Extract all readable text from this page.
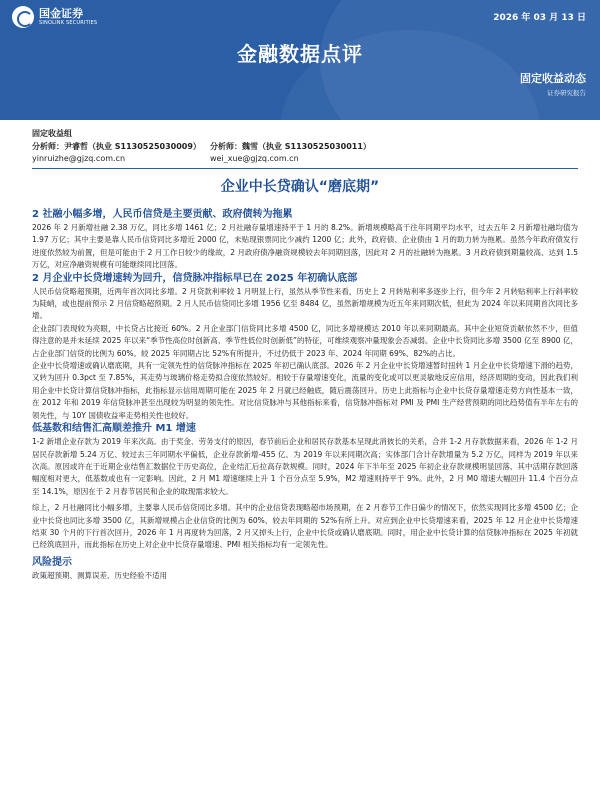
国金证券
SINOLINK SECURITIES	2026 年 03 月 13 日
金融数据点评
固定收益动态
证券研究报告
固定收益组
分析师：尹睿哲（执业 S1130525030009）
yinruizhe@gjzq.com.cn
分析师：魏雪（执业 S1130525030011）
wei_xue@gjzq.com.cn
企业中长贷确认“磨底期”
2 社融小幅多增，人民币信贷是主要贡献、政府债转为拖累

2026 年 2 月新增社融 2.38 万亿，同比多增 1461 亿；2 月社融存量增速持平于 1 月的 8.2%。新增规模略高于往年同期平均水平，过去五年 2 月新增社融均值为 1.97 万亿；其中主要是靠人民币信贷同比多增近 2000 亿，未贴现银票同比少减约 1200 亿；此外，政府债、企业债由 1 月的助力转为拖累。虽然今年政府债发行进度依然较为前置，但是可能由于 2 月工作日较少的缘故，2 月政府债净融资规模较去年同期回落，因此对 2 月的社融转为拖累。3 月政府债到期量较高、达到 1.5 万亿，对应净融资规模有可能继续同比回落。

2 月企业中长贷增速转为回升，信贷脉冲指标早已在 2025 年初确认底部

人民币信贷略超预期，近两年首次同比多增。2 月贷款利率较 1 月明显上行，虽然从季节性来看，历史上 2 月转贴利率多逐步上行，但今年 2 月转贴利率上行斜率较为陡峭，或也提前预示 2 月信贷略超预期。2 月人民币信贷同比多增 1956 亿至 8484 亿，虽然新增规模为近五年来同期次低，但此为 2024 年以来同期首次同比多增。

企业部门表现较为亮眼，中长贷占比接近 60%。2 月企业部门信贷同比多增 4500 亿，同比多增规模达 2010 年以来同期最高。其中企业短贷贡献依然不少，但值得注意的是并未延续 2025 年以来“季节性高位时创新高、季节性低位时创新低”的特征，可维续观察冲量现象会否减弱。企业中长贷同比多增 3500 亿至 8900 亿，占企业部门信贷的比例为 60%。较 2025 年同期占比 52%有所提升，不过仍低于 2023 年、2024 年同期 69%、82%的占比。

企业中长贷增速或确认磨底期，具有一定领先性的信贷脉冲指标在 2025 年初已确认底部。2026 年 2 月企业中长贷增速暂时扭转 1 月企业中长贷增速下滑的趋势，又转为回升 0.3pct 至 7.85%，其走势与玻璃价格走势拟合度依然较好。相较于存量增速变化，流量的变化或可以更灵敏地反应信用，经济周期的变动，因此我们利用企业中长贷计算信贷脉冲指标，此指标显示信用周期可能在 2025 年 2 月就已经触底，随后震荡回升。历史上此指标与企业中长贷存量增速走势方向性基本一致，在 2012 年和 2019 年信贷脉冲甚至出现较为明显的领先性。对比信贷脉冲与其他指标来看，信贷脉冲指标对 PMI 及 PMI 生产经营预期的同比趋势值有半年左右的领先性，与 10Y 国债收益率走势相关性也较好。

低基数和结售汇高顺差推升 M1 增速

1-2 新增企业存款为 2019 年来次高。由于奖金、劳务支付的原因，春节前后企业和居民存款基本呈现此消彼长的关系，合并 1-2 月存款数据来看，2026 年 1-2 月居民存款新增 5.24 万亿、较过去三年同期水平偏低，企业存款新增-455 亿、为 2019 年以来同期次高；实体部门合计存款增量为 5.2 万亿，同样为 2019 年以来次高。原因或许在于近期企业结售汇数据位于历史高位，企业结汇后拉高存款规模。同时，2024 年下半年至 2025 年初企业存款规模明显回落、其中活期存款回落幅度相对更大，低基数或也有一定影响。因此，2 月 M1 增速继续上升 1 个百分点至 5.9%，M2 增速则持平于 9%。此外，2 月 M0 增速大幅回升 11.4 个百分点至 14.1%，原因在于 2 月春节居民和企业的取现需求较大。

综上，2 月社融同比小幅多增，主要靠人民币信贷同比多增。其中的企业信贷表现略超市场预期，在 2 月春节工作日偏少的情况下，依然实现同比多增 4500 亿；企业中长贷也同比多增 3500 亿，其新增规模占企业信贷的比例为 60%、较去年同期的 52%有所上升。对应到企业中长贷增速来看，2025 年 12 月企业中长贷增速结束 30 个月的下行首次回升，2026 年 1 月再度转为回落，2 月又掉头上行，企业中长贷或确认磨底期。同时，用企业中长贷计算的信贷脉冲指标在 2025 年初就已经筑底回升，而此指标在历史上对企业中长贷存量增速、PMI 相关指标均有一定领先性。

风险提示
政策超预期、测算误差、历史经验不适用
